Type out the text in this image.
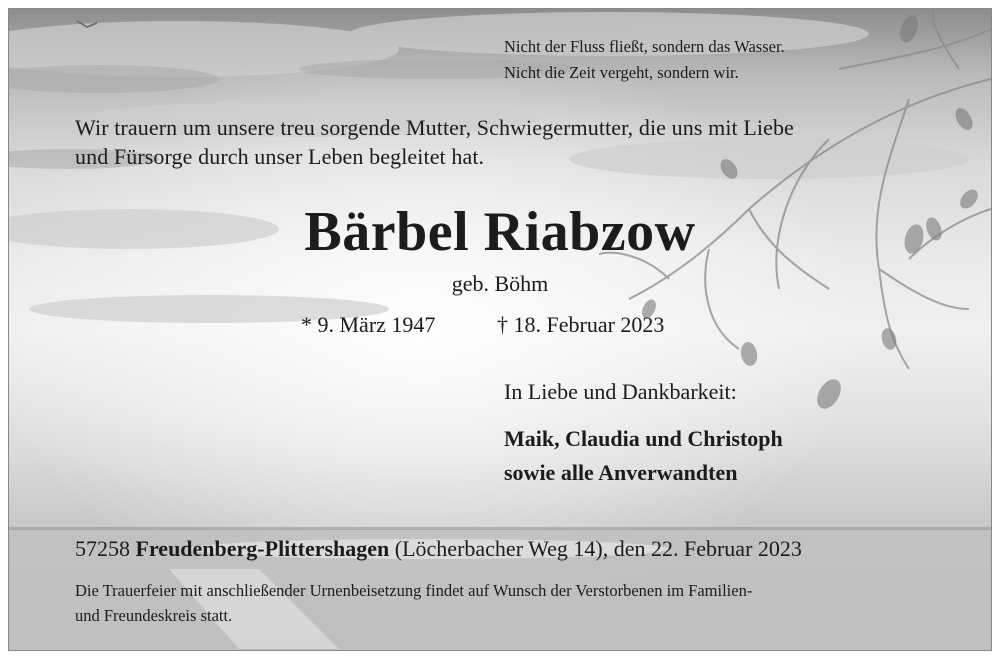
Nicht der Fluss fließt, sondern das Wasser.
Nicht die Zeit vergeht, sondern wir.
Wir trauern um unsere treu sorgende Mutter, Schwiegermutter, die uns mit Liebe
und Fürsorge durch unser Leben begleitet hat.
Bärbel Riabzow
geb. Böhm
* 9. März 1947	† 18. Februar 2023
In Liebe und Dankbarkeit:
Maik, Claudia und Christoph
sowie alle Anverwandten
57258 Freudenberg-Plittershagen (Löcherbacher Weg 14), den 22. Februar 2023
Die Trauerfeier mit anschließender Urnenbeisetzung findet auf Wunsch der Verstorbenen im Familien-
und Freundeskreis statt.
